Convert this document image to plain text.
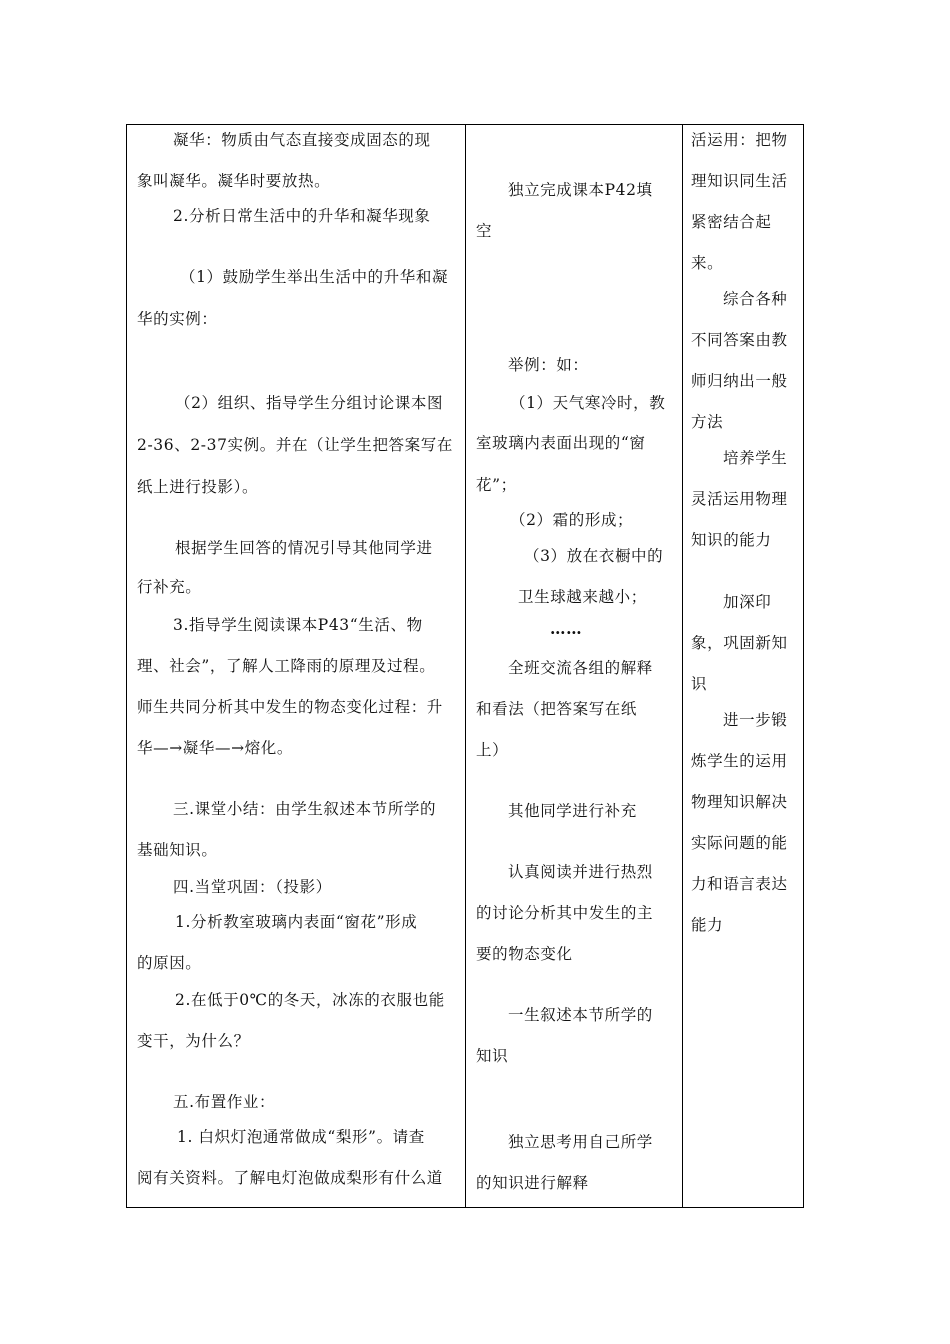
凝华：物质由气态直接变成固态的现
象叫凝华。凝华时要放热。
2.分析日常生活中的升华和凝华现象
（1）鼓励学生举出生活中的升华和凝
华的实例：
（2）组织、指导学生分组讨论课本图
2-36、2-37实例。并在（让学生把答案写在
纸上进行投影）。
根据学生回答的情况引导其他同学进
行补充。
3.指导学生阅读课本P43“生活、物
理、社会”，了解人工降雨的原理及过程。
师生共同分析其中发生的物态变化过程：升
华—→凝华—→熔化。
三.课堂小结：由学生叙述本节所学的
基础知识。
四.当堂巩固：（投影）
1.分析教室玻璃内表面“窗花”形成
的原因。
2.在低于0℃的冬天，冰冻的衣服也能
变干，为什么？
五.布置作业：
1. 白炽灯泡通常做成“梨形”。请查
阅有关资料。了解电灯泡做成梨形有什么道
独立完成课本P42填
空
举例：如：
（1）天气寒冷时，教
室玻璃内表面出现的“窗
花”；
（2）霜的形成；
（3）放在衣橱中的
卫生球越来越小；
……
全班交流各组的解释
和看法（把答案写在纸
上）
其他同学进行补充
认真阅读并进行热烈
的讨论分析其中发生的主
要的物态变化
一生叙述本节所学的
知识
独立思考用自己所学
的知识进行解释
活运用：把物
理知识同生活
紧密结合起
来。
综合各种
不同答案由教
师归纳出一般
方法
培养学生
灵活运用物理
知识的能力
加深印
象，巩固新知
识
进一步锻
炼学生的运用
物理知识解决
实际问题的能
力和语言表达
能力
